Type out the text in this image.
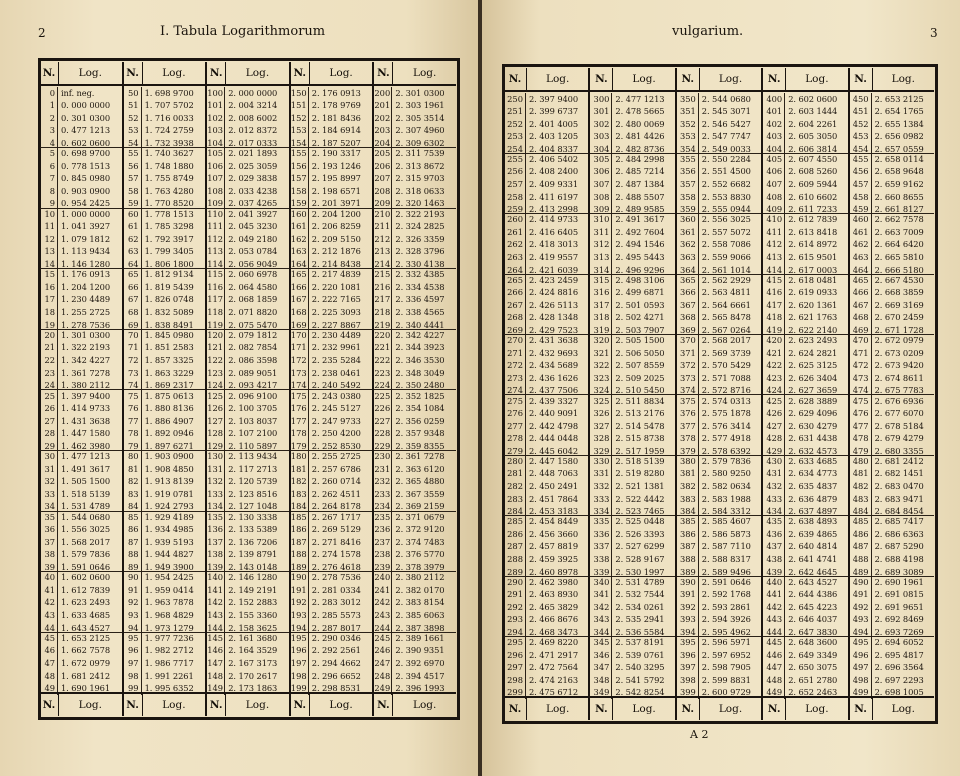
2	I. Tabula Logarithmorum
N.	Log.
0 inf. neg.
1 0. 000 0000
2 0. 301 0300
3 0. 477 1213
4 0. 602 0600
5 0. 698 9700
6 0. 778 1513
7 0. 845 0980
8 0. 903 0900
9 0. 954 2425
10 1. 000 0000
11 1. 041 3927
12 1. 079 1812
13 1. 113 9434
14 1. 146 1280
15 1. 176 0913
16 1. 204 1200
17 1. 230 4489
18 1. 255 2725
19 1. 278 7536
20 1. 301 0300
21 1. 322 2193
22 1. 342 4227
23 1. 361 7278
24 1. 380 2112
25 1. 397 9400
26 1. 414 9733
27 1. 431 3638
28 1. 447 1580
29 1. 462 3980
30 1. 477 1213
31 1. 491 3617
32 1. 505 1500
33 1. 518 5139
34 1. 531 4789
35 1. 544 0680
36 1. 556 3025
37 1. 568 2017
38 1. 579 7836
39 1. 591 0646
40 1. 602 0600
41 1. 612 7839
42 1. 623 2493
43 1. 633 4685
44 1. 643 4527
45 1. 653 2125
46 1. 662 7578
47 1. 672 0979
48 1. 681 2412
49 1. 690 1961
N.	Log.
N.	Log.
50 1. 698 9700
51 1. 707 5702
52 1. 716 0033
53 1. 724 2759
54 1. 732 3938
55 1. 740 3627
56 1. 748 1880
57 1. 755 8749
58 1. 763 4280
59 1. 770 8520
60 1. 778 1513
61 1. 785 3298
62 1. 792 3917
63 1. 799 3405
64 1. 806 1800
65 1. 812 9134
66 1. 819 5439
67 1. 826 0748
68 1. 832 5089
69 1. 838 8491
70 1. 845 0980
71 1. 851 2583
72 1. 857 3325
73 1. 863 3229
74 1. 869 2317
75 1. 875 0613
76 1. 880 8136
77 1. 886 4907
78 1. 892 0946
79 1. 897 6271
80 1. 903 0900
81 1. 908 4850
82 1. 913 8139
83 1. 919 0781
84 1. 924 2793
85 1. 929 4189
86 1. 934 4985
87 1. 939 5193
88 1. 944 4827
89 1. 949 3900
90 1. 954 2425
91 1. 959 0414
92 1. 963 7878
93 1. 968 4829
94 1. 973 1279
95 1. 977 7236
96 1. 982 2712
97 1. 986 7717
98 1. 991 2261
99 1. 995 6352
N.	Log.
N.	Log.
100 2. 000 0000
101 2. 004 3214
102 2. 008 6002
103 2. 012 8372
104 2. 017 0333
105 2. 021 1893
106 2. 025 3059
107 2. 029 3838
108 2. 033 4238
109 2. 037 4265
110 2. 041 3927
111 2. 045 3230
112 2. 049 2180
113 2. 053 0784
114 2. 056 9049
115 2. 060 6978
116 2. 064 4580
117 2. 068 1859
118 2. 071 8820
119 2. 075 5470
120 2. 079 1812
121 2. 082 7854
122 2. 086 3598
123 2. 089 9051
124 2. 093 4217
125 2. 096 9100
126 2. 100 3705
127 2. 103 8037
128 2. 107 2100
129 2. 110 5897
130 2. 113 9434
131 2. 117 2713
132 2. 120 5739
133 2. 123 8516
134 2. 127 1048
135 2. 130 3338
136 2. 133 5389
137 2. 136 7206
138 2. 139 8791
139 2. 143 0148
140 2. 146 1280
141 2. 149 2191
142 2. 152 2883
143 2. 155 3360
144 2. 158 3625
145 2. 161 3680
146 2. 164 3529
147 2. 167 3173
148 2. 170 2617
149 2. 173 1863
N.	Log.
N.	Log.
150 2. 176 0913
151 2. 178 9769
152 2. 181 8436
153 2. 184 6914
154 2. 187 5207
155 2. 190 3317
156 2. 193 1246
157 2. 195 8997
158 2. 198 6571
159 2. 201 3971
160 2. 204 1200
161 2. 206 8259
162 2. 209 5150
163 2. 212 1876
164 2. 214 8438
165 2. 217 4839
166 2. 220 1081
167 2. 222 7165
168 2. 225 3093
169 2. 227 8867
170 2. 230 4489
171 2. 232 9961
172 2. 235 5284
173 2. 238 0461
174 2. 240 5492
175 2. 243 0380
176 2. 245 5127
177 2. 247 9733
178 2. 250 4200
179 2. 252 8530
180 2. 255 2725
181 2. 257 6786
182 2. 260 0714
183 2. 262 4511
184 2. 264 8178
185 2. 267 1717
186 2. 269 5129
187 2. 271 8416
188 2. 274 1578
189 2. 276 4618
190 2. 278 7536
191 2. 281 0334
192 2. 283 3012
193 2. 285 5573
194 2. 287 8017
195 2. 290 0346
196 2. 292 2561
197 2. 294 4662
198 2. 296 6652
199 2. 298 8531
N.	Log.
N.	Log.
200 2. 301 0300
201 2. 303 1961
202 2. 305 3514
203 2. 307 4960
204 2. 309 6302
205 2. 311 7539
206 2. 313 8672
207 2. 315 9703
208 2. 318 0633
209 2. 320 1463
210 2. 322 2193
211 2. 324 2825
212 2. 326 3359
213 2. 328 3796
214 2. 330 4138
215 2. 332 4385
216 2. 334 4538
217 2. 336 4597
218 2. 338 4565
219 2. 340 4441
220 2. 342 4227
221 2. 344 3923
222 2. 346 3530
223 2. 348 3049
224 2. 350 2480
225 2. 352 1825
226 2. 354 1084
227 2. 356 0259
228 2. 357 9348
229 2. 359 8355
230 2. 361 7278
231 2. 363 6120
232 2. 365 4880
233 2. 367 3559
234 2. 369 2159
235 2. 371 0679
236 2. 372 9120
237 2. 374 7483
238 2. 376 5770
239 2. 378 3979
240 2. 380 2112
241 2. 382 0170
242 2. 383 8154
243 2. 385 6063
244 2. 387 3898
245 2. 389 1661
246 2. 390 9351
247 2. 392 6970
248 2. 394 4517
249 2. 396 1993
N.	Log.
vulgarium.	3
N.	Log.
250 2. 397 9400
251 2. 399 6737
252 2. 401 4005
253 2. 403 1205
254 2. 404 8337
255 2. 406 5402
256 2. 408 2400
257 2. 409 9331
258 2. 411 6197
259 2. 413 2998
260 2. 414 9733
261 2. 416 6405
262 2. 418 3013
263 2. 419 9557
264 2. 421 6039
265 2. 423 2459
266 2. 424 8816
267 2. 426 5113
268 2. 428 1348
269 2. 429 7523
270 2. 431 3638
271 2. 432 9693
272 2. 434 5689
273 2. 436 1626
274 2. 437 7506
275 2. 439 3327
276 2. 440 9091
277 2. 442 4798
278 2. 444 0448
279 2. 445 6042
280 2. 447 1580
281 2. 448 7063
282 2. 450 2491
283 2. 451 7864
284 2. 453 3183
285 2. 454 8449
286 2. 456 3660
287 2. 457 8819
288 2. 459 3925
289 2. 460 8978
290 2. 462 3980
291 2. 463 8930
292 2. 465 3829
293 2. 466 8676
294 2. 468 3473
295 2. 469 8220
296 2. 471 2917
297 2. 472 7564
298 2. 474 2163
299 2. 475 6712
N.	Log.
N.	Log.
300 2. 477 1213
301 2. 478 5665
302 2. 480 0069
303 2. 481 4426
304 2. 482 8736
305 2. 484 2998
306 2. 485 7214
307 2. 487 1384
308 2. 488 5507
309 2. 489 9585
310 2. 491 3617
311 2. 492 7604
312 2. 494 1546
313 2. 495 5443
314 2. 496 9296
315 2. 498 3106
316 2. 499 6871
317 2. 501 0593
318 2. 502 4271
319 2. 503 7907
320 2. 505 1500
321 2. 506 5050
322 2. 507 8559
323 2. 509 2025
324 2. 510 5450
325 2. 511 8834
326 2. 513 2176
327 2. 514 5478
328 2. 515 8738
329 2. 517 1959
330 2. 518 5139
331 2. 519 8280
332 2. 521 1381
333 2. 522 4442
334 2. 523 7465
335 2. 525 0448
336 2. 526 3393
337 2. 527 6299
338 2. 528 9167
339 2. 530 1997
340 2. 531 4789
341 2. 532 7544
342 2. 534 0261
343 2. 535 2941
344 2. 536 5584
345 2. 537 8191
346 2. 539 0761
347 2. 540 3295
348 2. 541 5792
349 2. 542 8254
N.	Log.
N.	Log.
350 2. 544 0680
351 2. 545 3071
352 2. 546 5427
353 2. 547 7747
354 2. 549 0033
355 2. 550 2284
356 2. 551 4500
357 2. 552 6682
358 2. 553 8830
359 2. 555 0944
360 2. 556 3025
361 2. 557 5072
362 2. 558 7086
363 2. 559 9066
364 2. 561 1014
365 2. 562 2929
366 2. 563 4811
367 2. 564 6661
368 2. 565 8478
369 2. 567 0264
370 2. 568 2017
371 2. 569 3739
372 2. 570 5429
373 2. 571 7088
374 2. 572 8716
375 2. 574 0313
376 2. 575 1878
377 2. 576 3414
378 2. 577 4918
379 2. 578 6392
380 2. 579 7836
381 2. 580 9250
382 2. 582 0634
383 2. 583 1988
384 2. 584 3312
385 2. 585 4607
386 2. 586 5873
387 2. 587 7110
388 2. 588 8317
389 2. 589 9496
390 2. 591 0646
391 2. 592 1768
392 2. 593 2861
393 2. 594 3926
394 2. 595 4962
395 2. 596 5971
396 2. 597 6952
397 2. 598 7905
398 2. 599 8831
399 2. 600 9729
N.	Log.
N.	Log.
400 2. 602 0600
401 2. 603 1444
402 2. 604 2261
403 2. 605 3050
404 2. 606 3814
405 2. 607 4550
406 2. 608 5260
407 2. 609 5944
408 2. 610 6602
409 2. 611 7233
410 2. 612 7839
411 2. 613 8418
412 2. 614 8972
413 2. 615 9501
414 2. 617 0003
415 2. 618 0481
416 2. 619 0933
417 2. 620 1361
418 2. 621 1763
419 2. 622 2140
420 2. 623 2493
421 2. 624 2821
422 2. 625 3125
423 2. 626 3404
424 2. 627 3659
425 2. 628 3889
426 2. 629 4096
427 2. 630 4279
428 2. 631 4438
429 2. 632 4573
430 2. 633 4685
431 2. 634 4773
432 2. 635 4837
433 2. 636 4879
434 2. 637 4897
435 2. 638 4893
436 2. 639 4865
437 2. 640 4814
438 2. 641 4741
439 2. 642 4645
440 2. 643 4527
441 2. 644 4386
442 2. 645 4223
443 2. 646 4037
444 2. 647 3830
445 2. 648 3600
446 2. 649 3349
447 2. 650 3075
448 2. 651 2780
449 2. 652 2463
N.	Log.
N.	Log.
450 2. 653 2125
451 2. 654 1765
452 2. 655 1384
453 2. 656 0982
454 2. 657 0559
455 2. 658 0114
456 2. 658 9648
457 2. 659 9162
458 2. 660 8655
459 2. 661 8127
460 2. 662 7578
461 2. 663 7009
462 2. 664 6420
463 2. 665 5810
464 2. 666 5180
465 2. 667 4530
466 2. 668 3859
467 2. 669 3169
468 2. 670 2459
469 2. 671 1728
470 2. 672 0979
471 2. 673 0209
472 2. 673 9420
473 2. 674 8611
474 2. 675 7783
475 2. 676 6936
476 2. 677 6070
477 2. 678 5184
478 2. 679 4279
479 2. 680 3355
480 2. 681 2412
481 2. 682 1451
482 2. 683 0470
483 2. 683 9471
484 2. 684 8454
485 2. 685 7417
486 2. 686 6363
487 2. 687 5290
488 2. 688 4198
489 2. 689 3089
490 2. 690 1961
491 2. 691 0815
492 2. 691 9651
493 2. 692 8469
494 2. 693 7269
495 2. 694 6052
496 2. 695 4817
497 2. 696 3564
498 2. 697 2293
499 2. 698 1005
N.	Log.
A 2
